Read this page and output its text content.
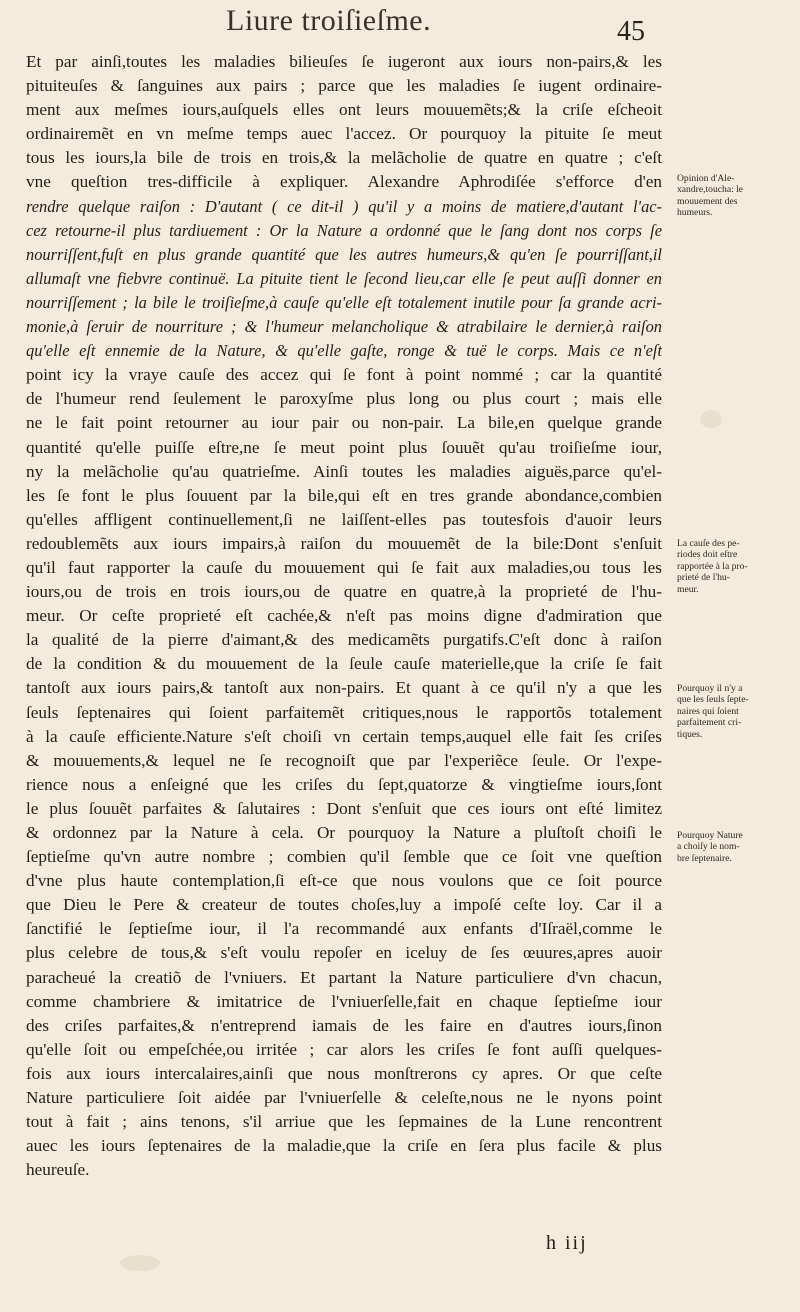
Liure troiſieſme.	45
Et par ainſi,toutes les maladies bilieuſes ſe iugeront aux iours non-pairs,& les
pituiteuſes & ſanguines aux pairs ; parce que les maladies ſe iugent ordinaire-
ment aux meſmes iours,auſquels elles ont leurs mouuemẽts;& la criſe eſcheoit
ordinairemẽt en vn meſme temps auec l'accez. Or pourquoy la pituite ſe meut
tous les iours,la bile de trois en trois,& la melãcholie de quatre en quatre ; c'eſt
vne queſtion tres-difficile à expliquer. Alexandre Aphrodiſée s'efforce d'en
rendre quelque raiſon : D'autant ( ce dit-il ) qu'il y a moins de matiere,d'autant l'ac-
cez retourne-il plus tardiuement : Or la Nature a ordonné que le ſang dont nos corps ſe
nourriſſent,fuſt en plus grande quantité que les autres humeurs,& qu'en ſe pourriſſant,il
allumaſt vne fiebvre continuë. La pituite tient le ſecond lieu,car elle ſe peut auſſi donner en
nourriſſement ; la bile le troiſieſme,à cauſe qu'elle eſt totalement inutile pour ſa grande acri-
monie,à ſeruir de nourriture ; & l'humeur melancholique & atrabilaire le dernier,à raiſon
qu'elle eſt ennemie de la Nature, & qu'elle gaſte, ronge & tuë le corps. Mais ce n'eſt
point icy la vraye cauſe des accez qui ſe font à point nommé ; car la quantité
de l'humeur rend ſeulement le paroxyſme plus long ou plus court ; mais elle
ne le fait point retourner au iour pair ou non-pair. La bile,en quelque grande
quantité qu'elle puiſſe eſtre,ne ſe meut point plus ſouuẽt qu'au troiſieſme iour,
ny la melãcholie qu'au quatrieſme. Ainſi toutes les maladies aiguës,parce qu'el-
les ſe font le plus ſouuent par la bile,qui eſt en tres grande abondance,combien
qu'elles affligent continuellement,ſi ne laiſſent-elles pas toutesfois d'auoir leurs
redoublemẽts aux iours impairs,à raiſon du mouuemẽt de la bile:Dont s'enſuit
qu'il faut rapporter la cauſe du mouuement qui ſe fait aux maladies,ou tous les
iours,ou de trois en trois iours,ou de quatre en quatre,à la proprieté de l'hu-
meur. Or ceſte proprieté eſt cachée,& n'eſt pas moins digne d'admiration que
la qualité de la pierre d'aimant,& des medicamẽts purgatifs.C'eſt donc à raiſon
de la condition & du mouuement de la ſeule cauſe materielle,que la criſe ſe fait
tantoſt aux iours pairs,& tantoſt aux non-pairs. Et quant à ce qu'il n'y a que les
ſeuls ſeptenaires qui ſoient parfaitemẽt critiques,nous le rapportõs totalement
à la cauſe efficiente.Nature s'eſt choiſi vn certain temps,auquel elle fait ſes criſes
& mouuements,& lequel ne ſe recognoiſt que par l'experiẽce ſeule. Or l'expe-
rience nous a enſeigné que les criſes du ſept,quatorze & vingtieſme iours,ſont
le plus ſouuẽt parfaites & ſalutaires : Dont s'enſuit que ces iours ont eſté limitez
& ordonnez par la Nature à cela. Or pourquoy la Nature a pluſtoſt choiſi le
ſeptieſme qu'vn autre nombre ; combien qu'il ſemble que ce ſoit vne queſtion
d'vne plus haute contemplation,ſi eſt-ce que nous voulons que ce ſoit pource
que Dieu le Pere & createur de toutes choſes,luy a impoſé ceſte loy. Car il a
ſanctifié le ſeptieſme iour, il l'a recommandé aux enfants d'Iſraël,comme le
plus celebre de tous,& s'eſt voulu repoſer en iceluy de ſes œuures,apres auoir
paracheué la creatiõ de l'vniuers. Et partant la Nature particuliere d'vn chacun,
comme chambriere & imitatrice de l'vniuerſelle,fait en chaque ſeptieſme iour
des criſes parfaites,& n'entreprend iamais de les faire en d'autres iours,ſinon
qu'elle ſoit ou empeſchée,ou irritée ; car alors les criſes ſe font auſſi quelques-
fois aux iours intercalaires,ainſi que nous monſtrerons cy apres. Or que ceſte
Nature particuliere ſoit aidée par l'vniuerſelle & celeſte,nous ne le nyons point
tout à fait ; ains tenons, s'il arriue que les ſepmaines de la Lune rencontrent
auec les iours ſeptenaires de la maladie,que la criſe en ſera plus facile & plus
heureuſe.
Opinion d'Ale-
xandre,toucha: le
mouuement des
humeurs.
La cauſe des pe-
riodes doit eſtre
rapportée à la pro-
prieté de l'hu-
meur.
Pourquoy il n'y a
que les ſeuls ſepte-
naires qui ſoient
parfaitement cri-
tiques.
Pourquoy Nature
a choiſy le nom-
bre ſeptenaire.
h iij
